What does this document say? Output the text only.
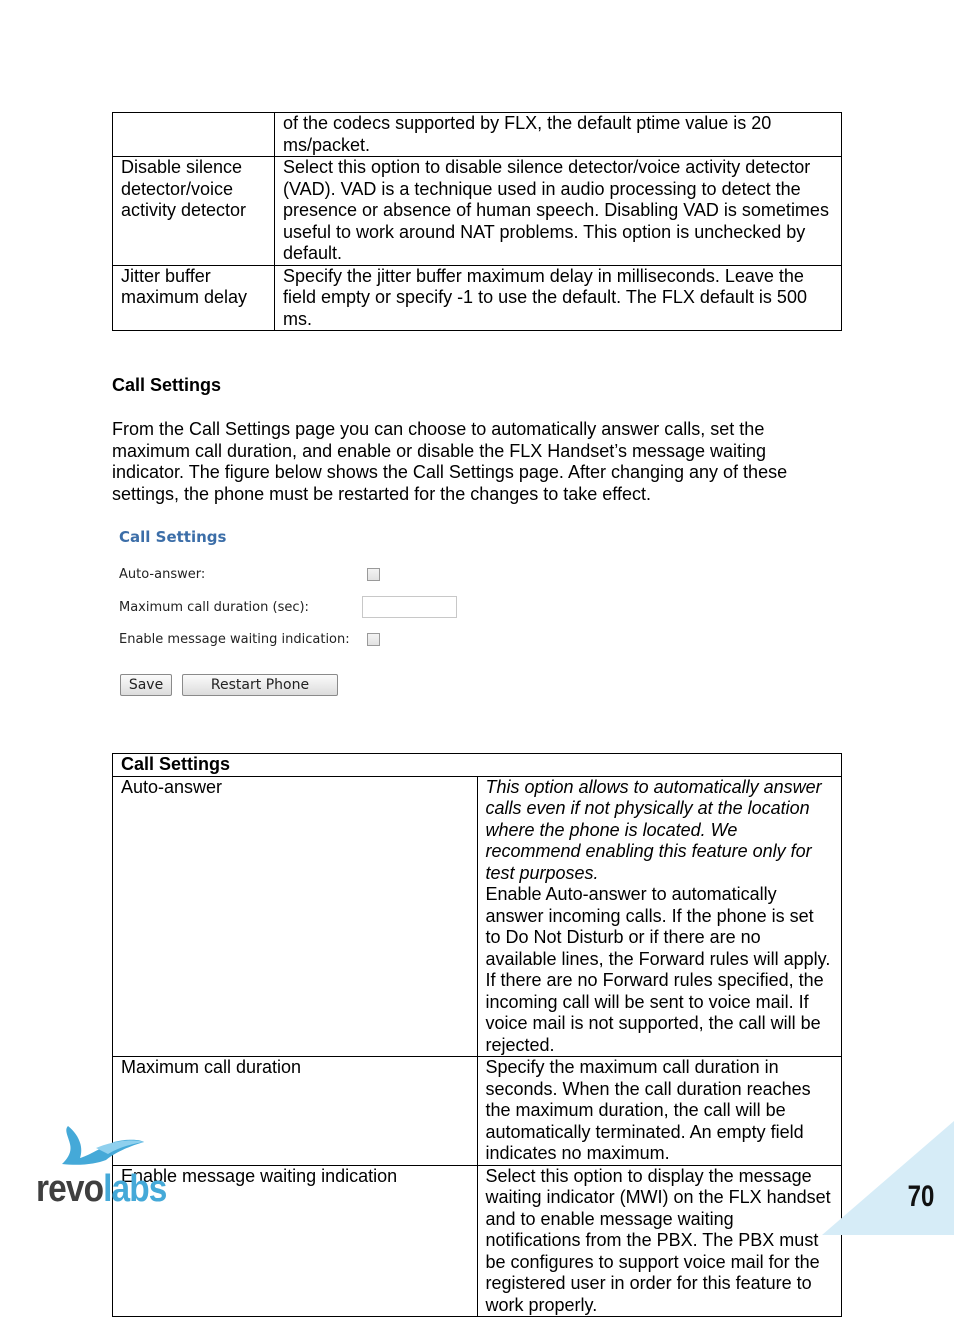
	of the codecs supported by FLX, the default ptime value is 20 ms/packet.
Disable silence detector/voice activity detector	Select this option to disable silence detector/voice activity detector (VAD). VAD is a technique used in audio processing to detect the presence or absence of human speech. Disabling VAD is sometimes useful to work around NAT problems. This option is unchecked by default.
Jitter buffer maximum delay	Specify the jitter buffer maximum delay in milliseconds. Leave the field empty or specify -1 to use the default. The FLX default is 500 ms.
Call Settings

From the Call Settings page you can choose to automatically answer calls, set the maximum call duration, and enable or disable the FLX Handset’s message waiting indicator. The figure below shows the Call Settings page. After changing any of these settings, the phone must be restarted for the changes to take effect.

Call Settings
Auto-answer:
Maximum call duration (sec):
Enable message waiting indication:
Save	Restart Phone
Call Settings	
Auto-answer	This option allows to automatically answer calls even if not physically at the location where the phone is located. We recommend enabling this feature only for test purposes.
Enable Auto-answer to automatically answer incoming calls. If the phone is set to Do Not Disturb or if there are no available lines, the Forward rules will apply. If there are no Forward rules specified, the incoming call will be sent to voice mail. If voice mail is not supported, the call will be rejected.

Maximum call duration	Specify the maximum call duration in seconds. When the call duration reaches the maximum duration, the call will be automatically terminated. An empty field indicates no maximum.
Enable message waiting indication	Select this option to display the message waiting indicator (MWI) on the FLX handset and to enable message waiting notifications from the PBX. The PBX must be configures to support voice mail for the registered user in order for this feature to work properly.
revolabs	70
